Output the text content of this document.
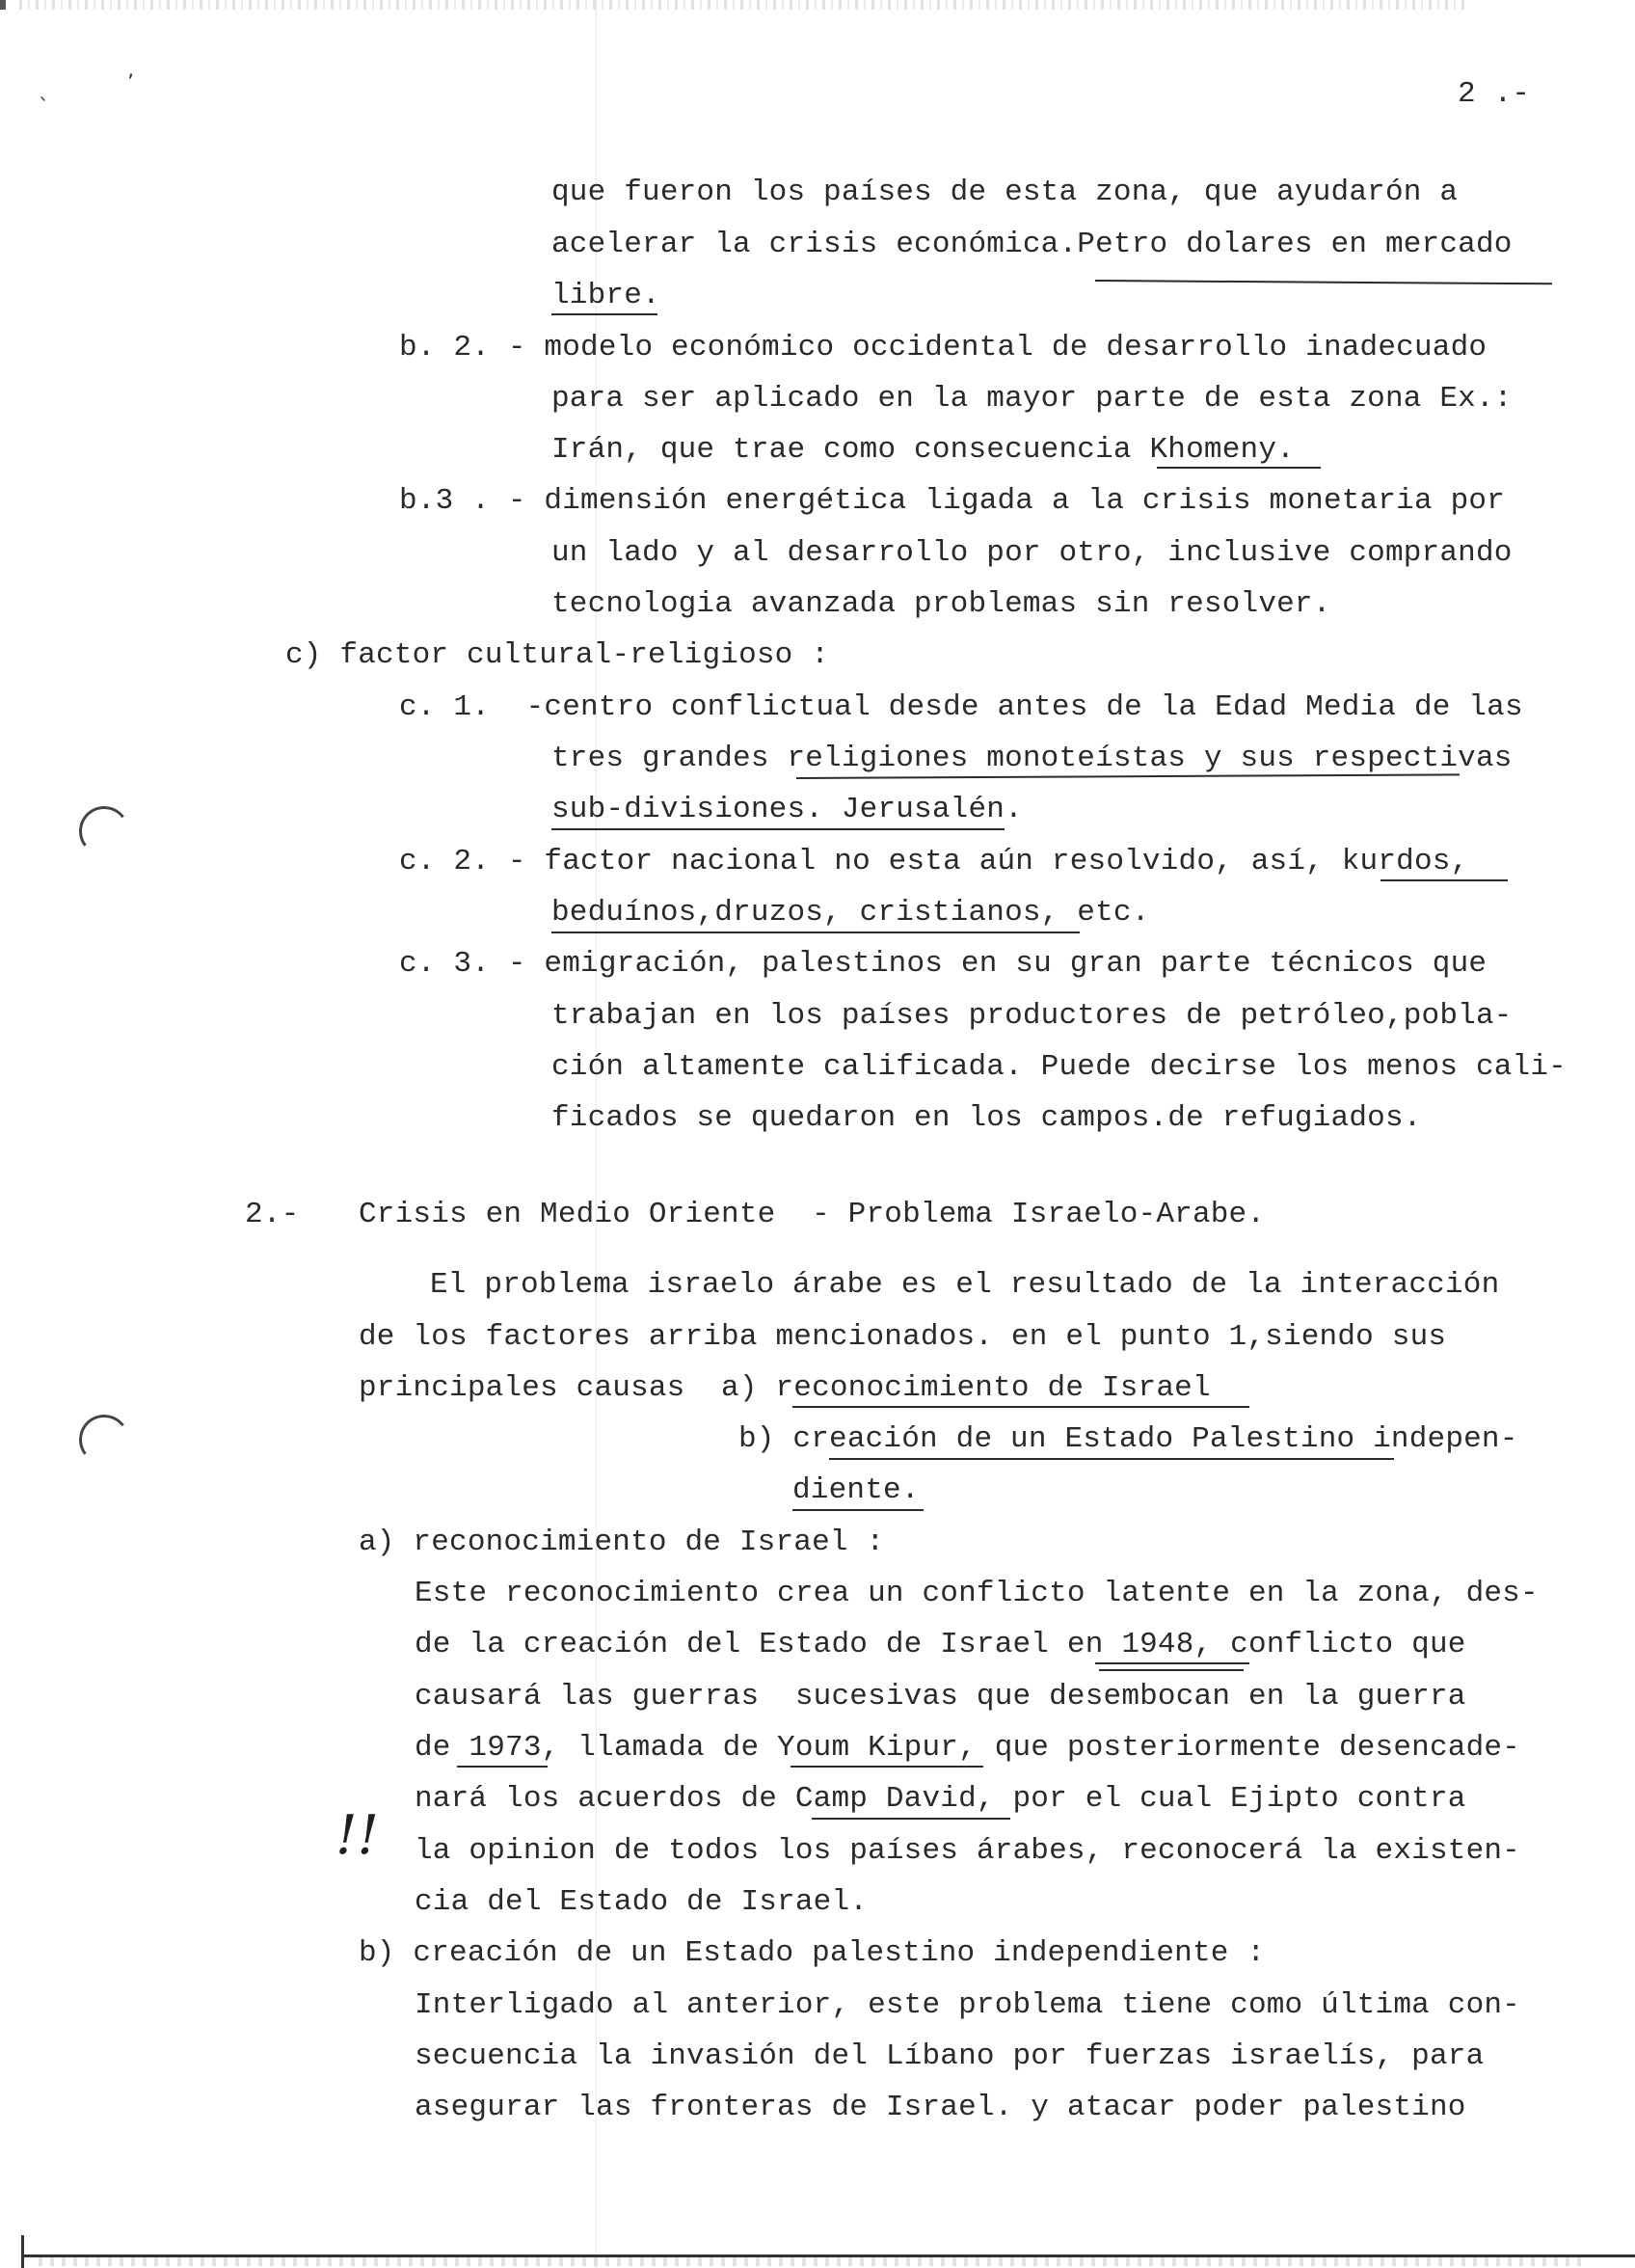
ˎ	’	2 .-
!!
que fueron los países de esta zona, que ayudarón a
acelerar la crisis económica.Petro dolares en mercado
libre.
b. 2. - modelo económico occidental de desarrollo inadecuado
para ser aplicado en la mayor parte de esta zona Ex.:
Irán, que trae como consecuencia Khomeny.
b.3 . - dimensión energética ligada a la crisis monetaria por
un lado y al desarrollo por otro, inclusive comprando
tecnologia avanzada problemas sin resolver.
c) factor cultural-religioso :
c. 1.  -centro conflictual desde antes de la Edad Media de las
tres grandes religiones monoteístas y sus respectivas
sub-divisiones. Jerusalén.
c. 2. - factor nacional no esta aún resolvido, así, kurdos,
beduínos,druzos, cristianos, etc.
c. 3. - emigración, palestinos en su gran parte técnicos que
trabajan en los países productores de petróleo,pobla-
ción altamente calificada. Puede decirse los menos cali-
ficados se quedaron en los campos.de refugiados.
2.- Crisis en Medio Oriente  - Problema Israelo-Arabe.
El problema israelo árabe es el resultado de la interacción
de los factores arriba mencionados. en el punto 1,siendo sus
principales causas  a) reconocimiento de Israel
b) creación de un Estado Palestino indepen-
diente.
a) reconocimiento de Israel :
Este reconocimiento crea un conflicto latente en la zona, des-
de la creación del Estado de Israel en 1948, conflicto que
causará las guerras  sucesivas que desembocan en la guerra
de 1973, llamada de Youm Kipur, que posteriormente desencade-
nará los acuerdos de Camp David, por el cual Ejipto contra
la opinion de todos los países árabes, reconocerá la existen-
cia del Estado de Israel.
b) creación de un Estado palestino independiente :
Interligado al anterior, este problema tiene como última con-
secuencia la invasión del Líbano por fuerzas israelís, para
asegurar las fronteras de Israel. y atacar poder palestino
